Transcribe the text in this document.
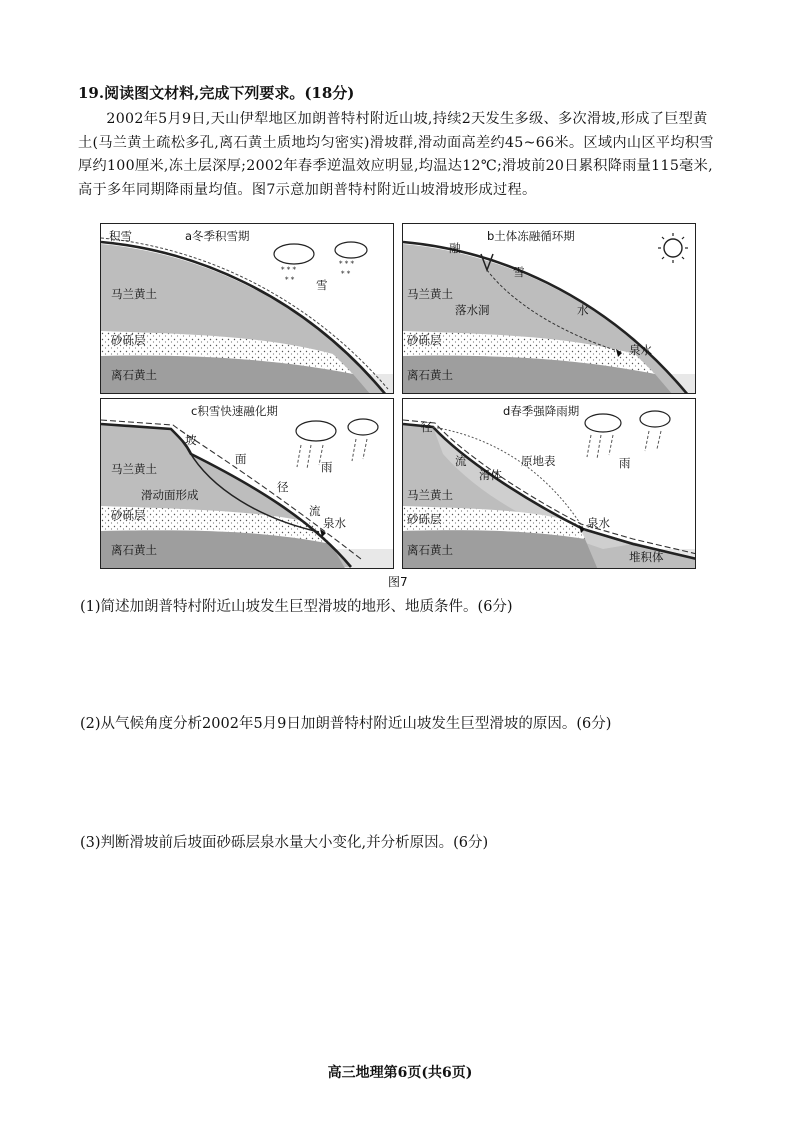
19.阅读图文材料,完成下列要求。(18分)
2002年5月9日,天山伊犁地区加朗普特村附近山坡,持续2天发生多级、多次滑坡,形成了巨型黄土(马兰黄土疏松多孔,离石黄土质地均匀密实)滑坡群,滑动面高差约45~66米。区域内山区平均积雪厚约100厘米,冻土层深厚;2002年春季逆温效应明显,均温达12℃;滑坡前20日累积降雨量115毫米,高于多年同期降雨量均值。图7示意加朗普特村附近山坡滑坡形成过程。
* * *
* *
* * *
* *
a冬季积雪期
积雪
雪
马兰黄土
砂砾层
离石黄土
b土体冻融循环期
融
雪
水
马兰黄土
落水洞
砂砾层
泉水
离石黄土
c积雪快速融化期
坡
面
雨
径
流
马兰黄土
滑动面形成
砂砾层
泉水
离石黄土
d春季强降雨期
径
流	原地表	雨
滑体
马兰黄土
砂砾层	泉水
离石黄土	堆积体
图7
(1)简述加朗普特村附近山坡发生巨型滑坡的地形、地质条件。(6分)
(2)从气候角度分析2002年5月9日加朗普特村附近山坡发生巨型滑坡的原因。(6分)
(3)判断滑坡前后坡面砂砾层泉水量大小变化,并分析原因。(6分)
高三地理第6页(共6页)
